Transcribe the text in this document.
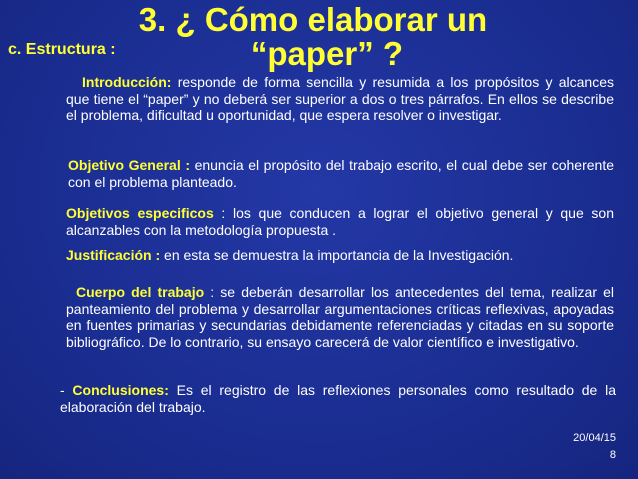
3. ¿ Cómo elaborar un
“paper” ?
c. Estructura :
Introducción: responde de forma sencilla y resumida a los propósitos y alcances que tiene el “paper” y no deberá ser superior a dos o tres párrafos. En ellos se describe el problema, dificultad u oportunidad, que espera resolver o investigar.
Objetivo General : enuncia el propósito del trabajo escrito, el cual debe ser coherente con el problema planteado.
Objetivos especificos : los que conducen a lograr el objetivo general y que son alcanzables con la metodología propuesta .
Justificación : en esta se demuestra la importancia de la Investigación.
Cuerpo del trabajo : se deberán desarrollar los antecedentes del tema, realizar el panteamiento del problema y desarrollar argumentaciones críticas reflexivas, apoyadas en fuentes primarias y secundarias debidamente referenciadas y citadas en su soporte bibliográfico. De lo contrario, su ensayo carecerá de valor científico e investigativo.
- Conclusiones: Es el registro de las reflexiones personales como resultado de la elaboración del trabajo.
20/04/15
8
